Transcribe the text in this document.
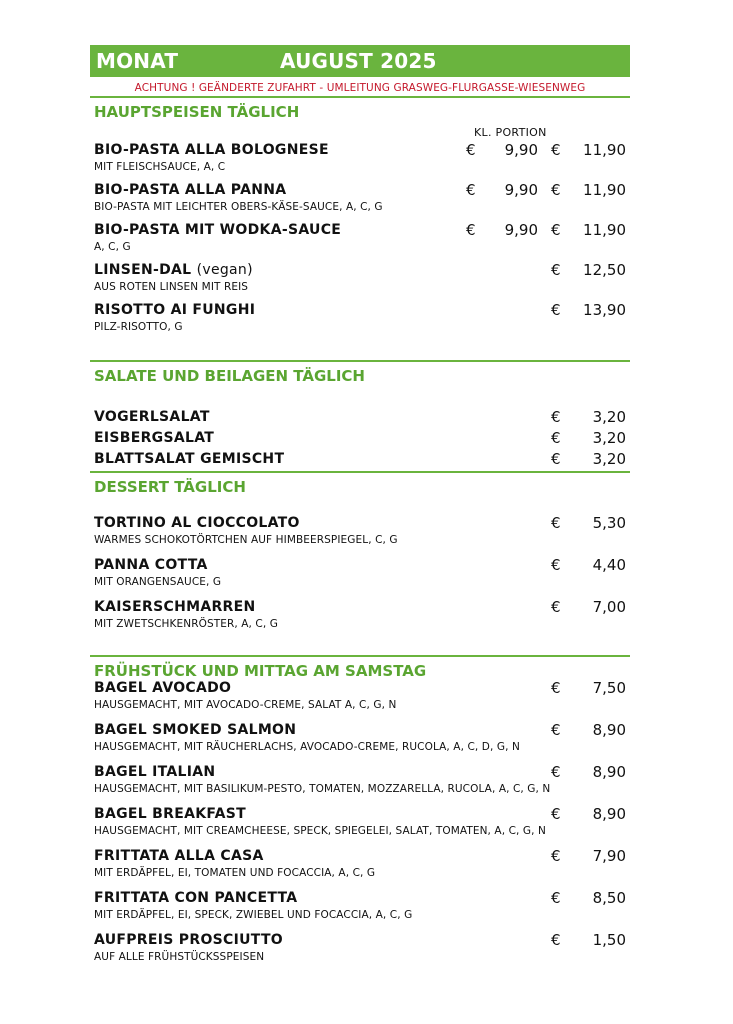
MONAT	AUGUST 2025
ACHTUNG ! GEÄNDERTE ZUFAHRT - UMLEITUNG GRASWEG-FLURGASSE-WIESENWEG
HAUPTSPEISEN TÄGLICH
KL. PORTION
BIO-PASTA ALLA BOLOGNESE
MIT FLEISCHSAUCE, A, C
€	9,90 €	11,90
BIO-PASTA ALLA PANNA
BIO-PASTA MIT LEICHTER OBERS-KÄSE-SAUCE, A, C, G
€	9,90 €	11,90
BIO-PASTA MIT WODKA-SAUCE
A, C, G
€	9,90 €	11,90
LINSEN-DAL (vegan)
AUS ROTEN LINSEN MIT REIS
€	12,50
RISOTTO AI FUNGHI
PILZ-RISOTTO, G
€	13,90
SALATE UND BEILAGEN TÄGLICH
VOGERLSALAT	€	3,20
EISBERGSALAT	€	3,20
BLATTSALAT GEMISCHT	€	3,20
DESSERT TÄGLICH
TORTINO AL CIOCCOLATO
WARMES SCHOKOTÖRTCHEN AUF HIMBEERSPIEGEL, C, G
€	5,30
PANNA COTTA
MIT ORANGENSAUCE, G
€	4,40
KAISERSCHMARREN
MIT ZWETSCHKENRÖSTER, A, C, G
€	7,00
FRÜHSTÜCK UND MITTAG AM SAMSTAG
BAGEL AVOCADO
HAUSGEMACHT, MIT AVOCADO-CREME, SALAT A, C, G, N
€	7,50
BAGEL SMOKED SALMON
HAUSGEMACHT, MIT RÄUCHERLACHS, AVOCADO-CREME, RUCOLA, A, C, D, G, N
€	8,90
BAGEL ITALIAN
HAUSGEMACHT, MIT BASILIKUM-PESTO, TOMATEN, MOZZARELLA, RUCOLA, A, C, G, N
€	8,90
BAGEL BREAKFAST
HAUSGEMACHT, MIT CREAMCHEESE, SPECK, SPIEGELEI, SALAT, TOMATEN, A, C, G, N
€	8,90
FRITTATA ALLA CASA
MIT ERDÄPFEL, EI, TOMATEN UND FOCACCIA, A, C, G
€	7,90
FRITTATA CON PANCETTA
MIT ERDÄPFEL, EI, SPECK, ZWIEBEL UND FOCACCIA, A, C, G
€	8,50
AUFPREIS PROSCIUTTO
AUF ALLE FRÜHSTÜCKSSPEISEN
€	1,50
